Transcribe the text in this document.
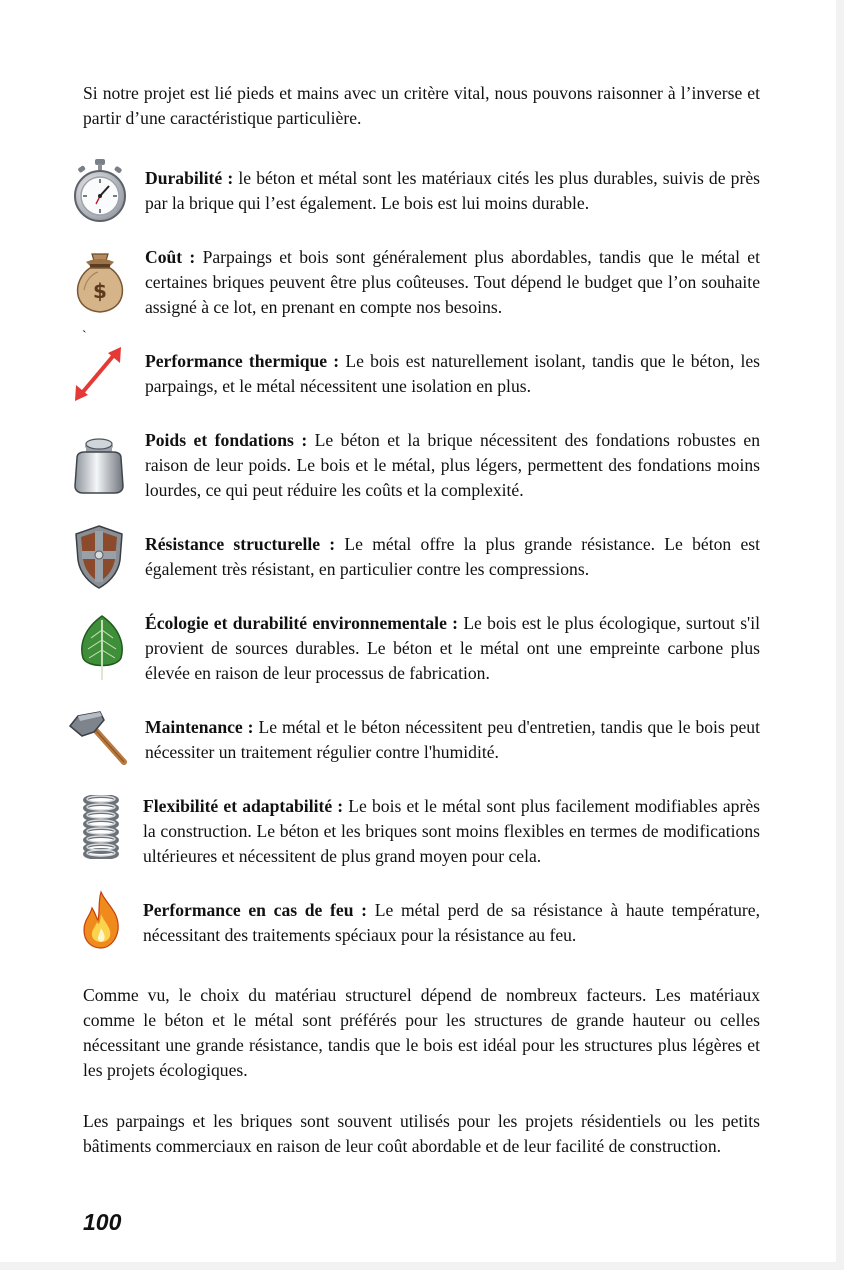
Si notre projet est lié pieds et mains avec un critère vital, nous pouvons raisonner à l’inverse et partir d’une caractéristique particulière.

Durabilité : le béton et métal sont les matériaux cités les plus durables, suivis de près par la brique qui l’est également. Le bois est lui moins durable.

$

Coût : Parpaings et bois sont généralement plus abordables, tandis que le métal et certaines briques peuvent être plus coûteuses. Tout dépend le budget que l’on souhaite assigné à ce lot, en prenant en compte nos besoins.

`

Performance thermique : Le bois est naturellement isolant, tandis que le béton, les parpaings, et le métal nécessitent une isolation en plus.

Poids et fondations : Le béton et la brique nécessitent des fondations robustes en raison de leur poids. Le bois et le métal, plus légers, permettent des fondations moins lourdes, ce qui peut réduire les coûts et la complexité.

Résistance structurelle : Le métal offre la plus grande résistance. Le béton est également très résistant, en particulier contre les compressions.

Écologie et durabilité environnementale : Le bois est le plus écologique, surtout s'il provient de sources durables. Le béton et le métal ont une empreinte carbone plus élevée en raison de leur processus de fabrication.

Maintenance : Le métal et le béton nécessitent peu d'entretien, tandis que le bois peut nécessiter un traitement régulier contre l'humidité.

Flexibilité et adaptabilité : Le bois et le métal sont plus facilement modifiables après la construction. Le béton et les briques sont moins flexibles en termes de modifications ultérieures et nécessitent de plus grand moyen pour cela.

Performance en cas de feu : Le métal perd de sa résistance à haute température, nécessitant des traitements spéciaux pour la résistance au feu.

Comme vu, le choix du matériau structurel dépend de nombreux facteurs. Les matériaux comme le béton et le métal sont préférés pour les structures de grande hauteur ou celles nécessitant une grande résistance, tandis que le bois est idéal pour les structures plus légères et les projets écologiques.

Les parpaings et les briques sont souvent utilisés pour les projets résidentiels ou les petits bâtiments commerciaux en raison de leur coût abordable et de leur facilité de construction.

100
